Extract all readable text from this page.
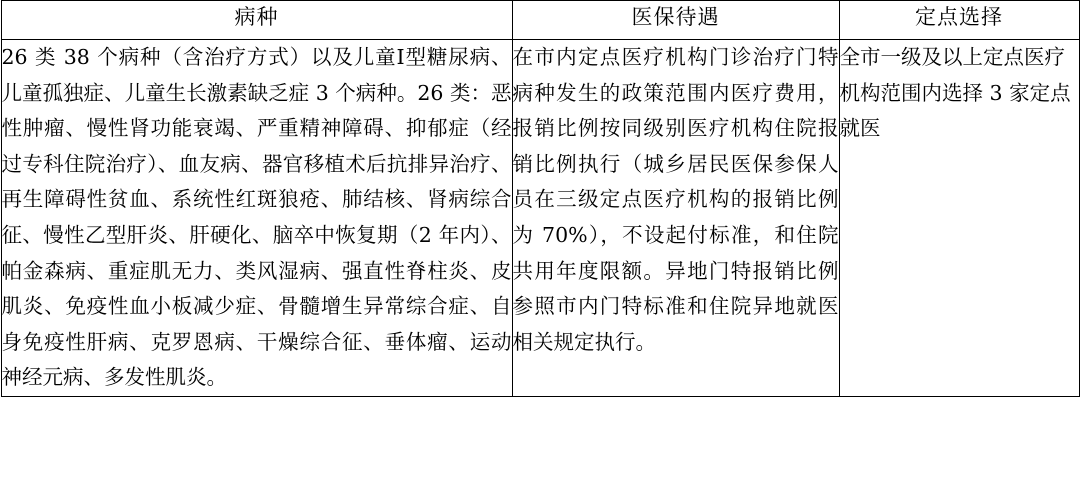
病种	医保待遇	定点选择

26 类 38 个病种（含治疗方式）以及儿童Ⅰ型糖尿病、儿童孤独症、儿童生长激素缺乏症 3 个病种。26 类：恶性肿瘤、慢性肾功能衰竭、严重精神障碍、抑郁症（经过专科住院治疗）、血友病、器官移植术后抗排异治疗、再生障碍性贫血、系统性红斑狼疮、肺结核、肾病综合征、慢性乙型肝炎、肝硬化、脑卒中恢复期（2 年内）、帕金森病、重症肌无力、类风湿病、强直性脊柱炎、皮肌炎、免疫性血小板减少症、骨髓增生异常综合症、自身免疫性肝病、克罗恩病、干燥综合征、垂体瘤、运动神经元病、多发性肌炎。	在市内定点医疗机构门诊治疗门特病种发生的政策范围内医疗费用，报销比例按同级别医疗机构住院报销比例执行（城乡居民医保参保人员在三级定点医疗机构的报销比例为 70%），不设起付标准，和住院共用年度限额。异地门特报销比例参照市内门特标准和住院异地就医相关规定执行。	全市一级及以上定点医疗机构范围内选择 3 家定点就医
